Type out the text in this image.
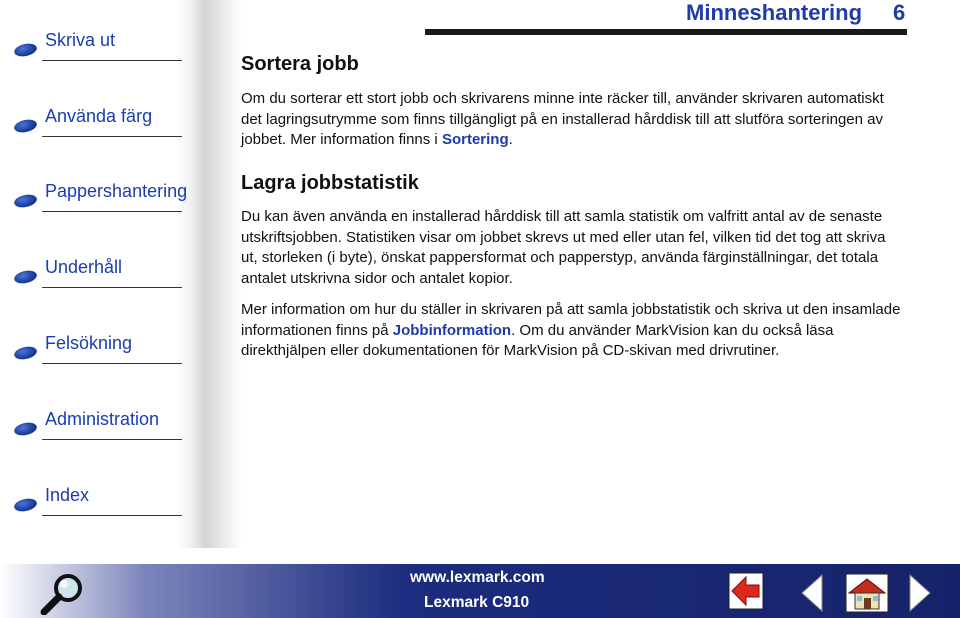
Skriva ut
Använda färg
Pappershantering
Underhåll
Felsökning
Administration
Index
Minneshantering 6
Sortera jobb
Om du sorterar ett stort jobb och skrivarens minne inte räcker till, använder skrivaren automatiskt det lagringsutrymme som finns tillgängligt på en installerad hårddisk till att slutföra sorteringen av jobbet. Mer information finns i Sortering.
Lagra jobbstatistik
Du kan även använda en installerad hårddisk till att samla statistik om valfritt antal av de senaste utskriftsjobben. Statistiken visar om jobbet skrevs ut med eller utan fel, vilken tid det tog att skriva ut, storleken (i byte), önskat pappersformat och papperstyp, använda färginställningar, det totala antalet utskrivna sidor och antalet kopior.
Mer information om hur du ställer in skrivaren på att samla jobbstatistik och skriva ut den insamlade informationen finns på Jobbinformation. Om du använder MarkVision kan du också läsa direkthjälpen eller dokumentationen för MarkVision på CD-skivan med drivrutiner.
www.lexmark.com
Lexmark C910
